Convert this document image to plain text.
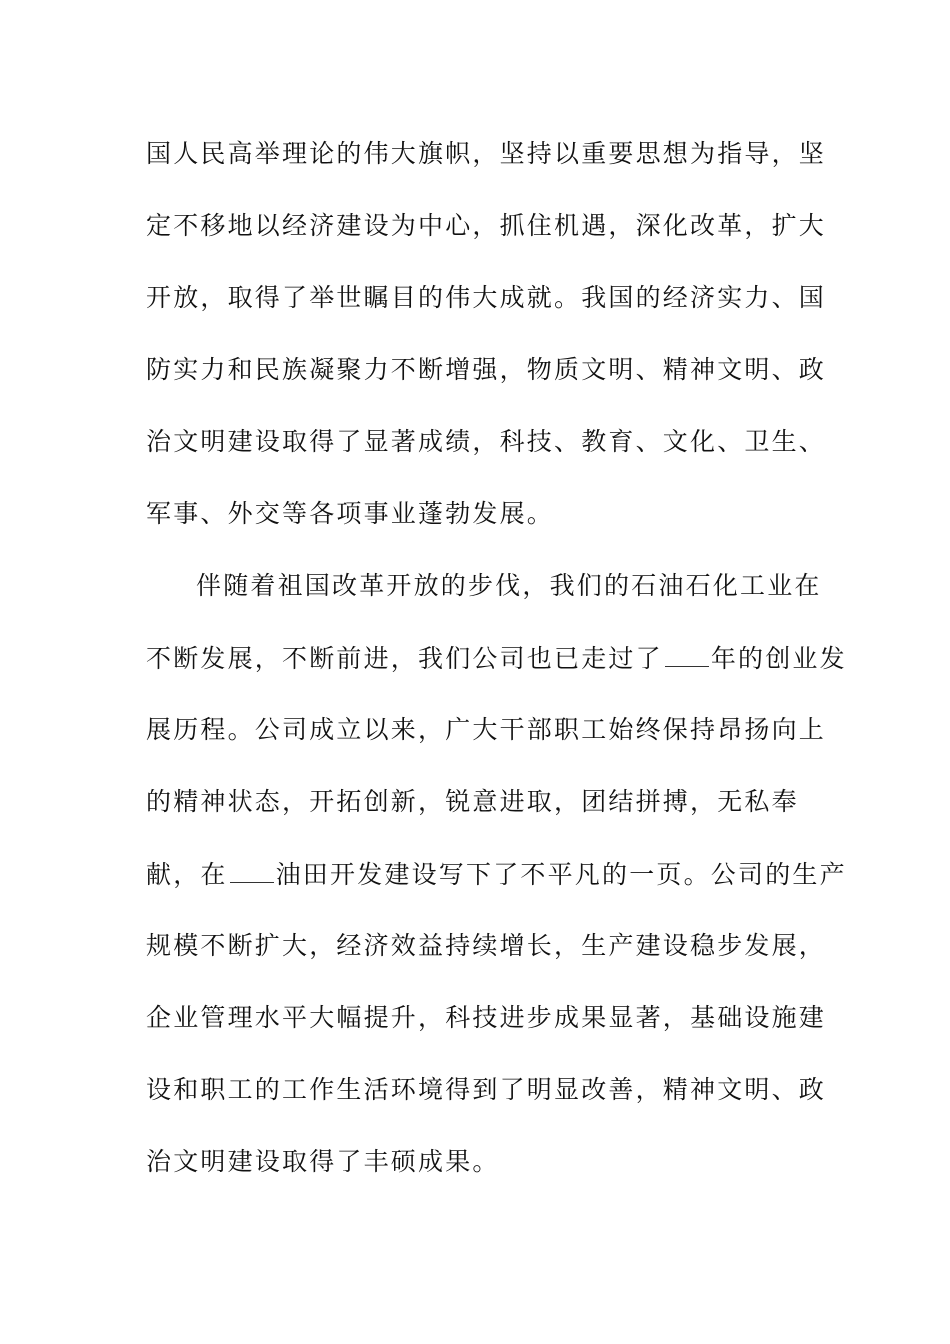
国人民高举理论的伟大旗帜，坚持以重要思想为指导，坚
定不移地以经济建设为中心，抓住机遇，深化改革，扩大
开放，取得了举世瞩目的伟大成就。我国的经济实力、国
防实力和民族凝聚力不断增强，物质文明、精神文明、政
治文明建设取得了显著成绩，科技、教育、文化、卫生、
军事、外交等各项事业蓬勃发展。
伴随着祖国改革开放的步伐，我们的石油石化工业在
不断发展，不断前进，我们公司也已走过了 年的创业发
展历程。公司成立以来，广大干部职工始终保持昂扬向上
的精神状态，开拓创新，锐意进取，团结拼搏，无私奉
献，在 油田开发建设写下了不平凡的一页。公司的生产
规模不断扩大，经济效益持续增长，生产建设稳步发展，
企业管理水平大幅提升，科技进步成果显著，基础设施建
设和职工的工作生活环境得到了明显改善，精神文明、政
治文明建设取得了丰硕成果。
